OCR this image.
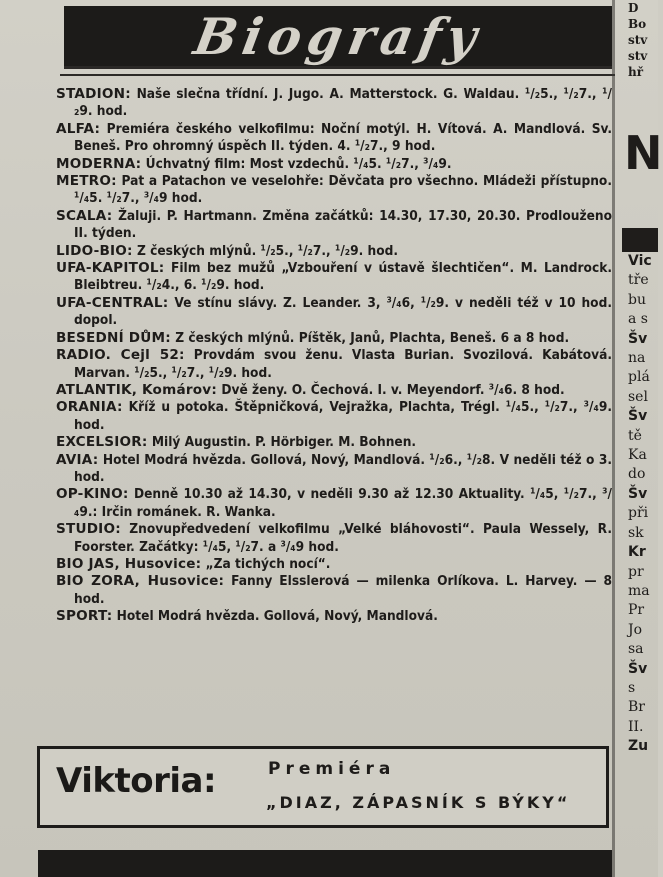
Biografy
STADION: Naše slečna třídní. J. Jugo. A. Matterstock. G. Waldau. ¹/₂5., ¹/₂7., ¹/₂9. hod.
ALFA: Premiéra českého velkofilmu: Noční motýl. H. Vítová. A. Mandlová. Sv. Beneš. Pro ohromný úspěch II. týden. 4. ¹/₂7., 9 hod.
MODERNA: Úchvatný film: Most vzdechů. ¹/₄5. ¹/₂7., ³/₄9.
METRO: Pat a Patachon ve veselohře: Děvčata pro všechno. Mládeži přístupno. ¹/₄5. ¹/₂7., ³/₄9 hod.
SCALA: Žaluji. P. Hartmann. Změna začátků: 14.30, 17.30, 20.30. Prodlouženo II. týden.
LIDO-BIO: Z českých mlýnů. ¹/₂5., ¹/₂7., ¹/₂9. hod.
UFA-KAPITOL: Film bez mužů „Vzbouření v ústavě šlechtičen“. M. Landrock. Bleibtreu. ¹/₂4., 6. ¹/₂9. hod.
UFA-CENTRAL: Ve stínu slávy. Z. Leander. 3, ³/₄6, ¹/₂9. v neděli též v 10 hod. dopol.
BESEDNÍ DŮM: Z českých mlýnů. Píštěk, Janů, Plachta, Beneš. 6 a 8 hod.
RADIO. Cejl 52: Provdám svou ženu. Vlasta Burian. Svozilová. Kabátová. Marvan. ¹/₂5., ¹/₂7., ¹/₂9. hod.
ATLANTIK, Komárov: Dvě ženy. O. Čechová. I. v. Meyendorf. ³/₄6. 8 hod.
ORANIA: Kříž u potoka. Štěpničková, Vejražka, Plachta, Trégl. ¹/₄5., ¹/₂7., ³/₄9. hod.
EXCELSIOR: Milý Augustin. P. Hörbiger. M. Bohnen.
AVIA: Hotel Modrá hvězda. Gollová, Nový, Mandlová. ¹/₂6., ¹/₂8. V neděli též o 3. hod.
OP-KINO: Denně 10.30 až 14.30, v neděli 9.30 až 12.30 Aktuality. ¹/₄5, ¹/₂7., ³/₄9.: Irčin románek. R. Wanka.
STUDIO: Znovupředvedení velkofilmu „Velké bláhovosti“. Paula Wessely, R. Foorster. Začátky: ¹/₄5, ¹/₂7. a ³/₄9 hod.
BIO JAS, Husovice: „Za tichých nocí“.
BIO ZORA, Husovice: Fanny Elsslerová — milenka Orlíkova. L. Harvey. — 8 hod.
SPORT: Hotel Modrá hvězda. Gollová, Nový, Mandlová.
Viktoria:	Premiéra
„DIAZ, ZÁPASNÍK S BÝKY“
D
Bo
stv
stv
hř
N
Vic
tře
bu
a s
Šv
na
plá
sel
Šv
tě
Ka
do
Šv
při
sk
Kr
pr
ma
Pr
Jo
sa
Šv
s
Br
II.
Zu
